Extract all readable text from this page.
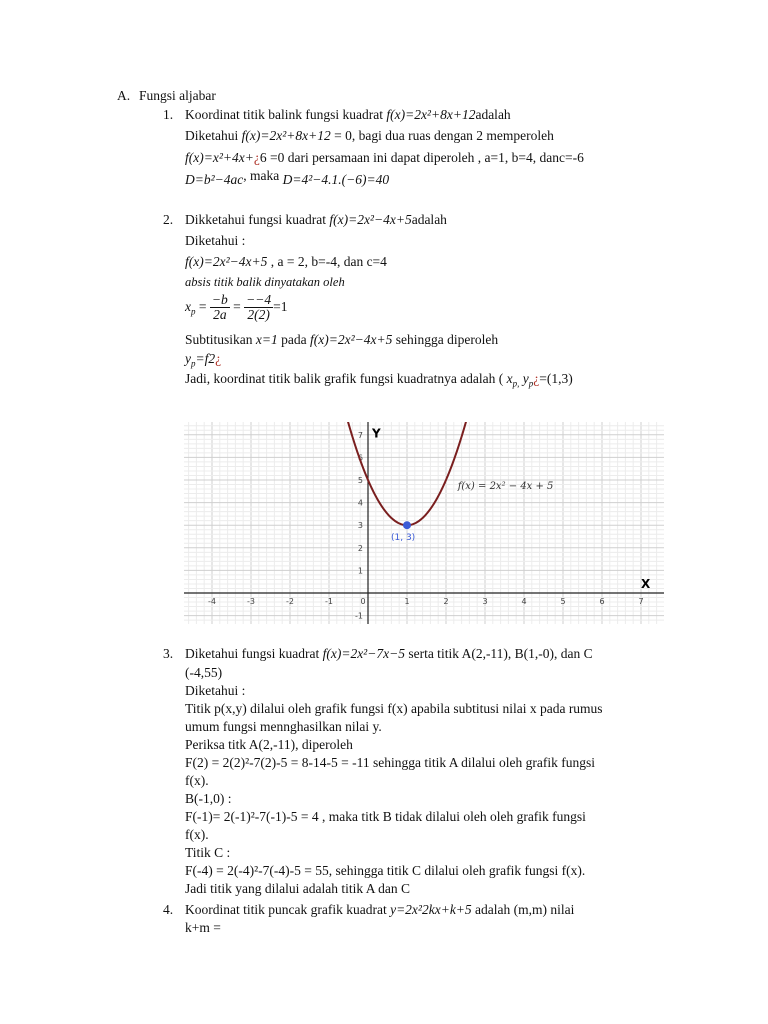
A. Fungsi aljabar
1. Koordinat titik balink fungsi kuadrat f(x)=2x²+8x+12adalah
Diketahui f(x)=2x²+8x+12 = 0, bagi dua ruas dengan 2 memperoleh
f(x)=x²+4x+¿6 =0 dari persamaan ini dapat diperoleh , a=1, b=4, danc=-6
D=b²−4ac, maka D=4²−4.1.(−6)=40
2. Dikketahui fungsi kuadrat f(x)=2x²−4x+5adalah
Diketahui :
f(x)=2x²−4x+5 , a = 2, b=-4, dan c=4
absis titik balik dinyatakan oleh
$x_p = \frac{-b}{2a} = \frac{--4}{2(2)} =1$
Subtitusikan x=1 pada f(x)=2x²−4x+5 sehingga diperoleh
$y_p=f2¿$
Jadi, koordinat titik balik grafik fungsi kuadratnya adalah ( $x_{p,}$ $y_p¿=(1,3)$
-4	-3	-2	-1	0	1	2	3	4	5	6	7
-1
1
2
3
4
5
6
7
(1, 3)
f(x) = 2x² − 4x + 5
Y
X
3. Diketahui fungsi kuadrat f(x)=2x²−7x−5 serta titik A(2,-11), B(1,-0), dan C
(-4,55)
Diketahui :
Titik p(x,y) dilalui oleh grafik fungsi f(x) apabila subtitusi nilai x pada rumus
umum fungsi mennghasilkan nilai y.
Periksa titk A(2,-11), diperoleh
F(2) = 2(2)²-7(2)-5 = 8-14-5 = -11 sehingga titik A dilalui oleh grafik fungsi
f(x).
B(-1,0) :
F(-1)= 2(-1)²-7(-1)-5 = 4 , maka titk B tidak dilalui oleh oleh grafik fungsi
f(x).
Titik C :
F(-4) = 2(-4)²-7(-4)-5 = 55, sehingga titik C dilalui oleh grafik fungsi f(x).
Jadi titik yang dilalui adalah titik A dan C
4. Koordinat titik puncak grafik kuadrat y=2x²2kx+k+5 adalah (m,m) nilai
k+m =
